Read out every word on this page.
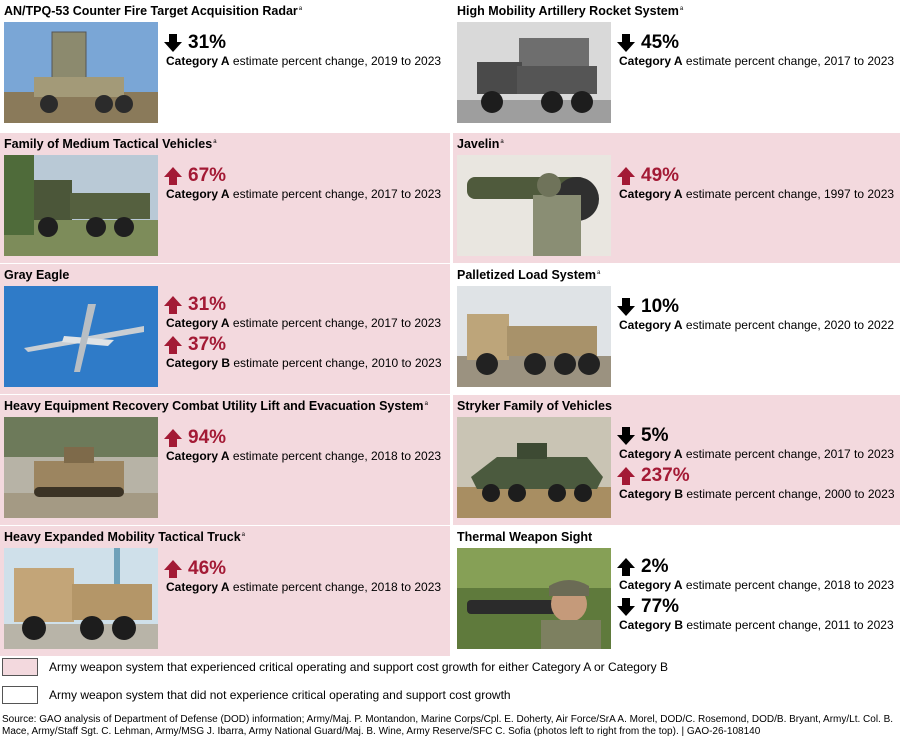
AN/TPQ-53 Counter Fire Target Acquisition Radar$^a$
31%
Category A estimate percent change, 2019 to 2023
High Mobility Artillery Rocket System$^a$
45%
Category A estimate percent change, 2017 to 2023
Family of Medium Tactical Vehicles$^a$
67%
Category A estimate percent change, 2017 to 2023
Javelin$^a$
49%
Category A estimate percent change, 1997 to 2023
Gray Eagle
31%
Category A estimate percent change, 2017 to 2023
37%
Category B estimate percent change, 2010 to 2023
Palletized Load System$^a$
10%
Category A estimate percent change, 2020 to 2022
Heavy Equipment Recovery Combat Utility Lift and Evacuation System$^a$
94%
Category A estimate percent change, 2018 to 2023
Stryker Family of Vehicles
5%
Category A estimate percent change, 2017 to 2023
237%
Category B estimate percent change, 2000 to 2023
Heavy Expanded Mobility Tactical Truck$^a$
46%
Category A estimate percent change, 2018 to 2023
Thermal Weapon Sight
2%
Category A estimate percent change, 2018 to 2023
77%
Category B estimate percent change, 2011 to 2023
Army weapon system that experienced critical operating and support cost growth for either Category A or Category B
Army weapon system that did not experience critical operating and support cost growth
Source: GAO analysis of Department of Defense (DOD) information; Army/Maj. P. Montandon, Marine Corps/Cpl. E. Doherty, Air Force/SrA A. Morel, DOD/C. Rosemond, DOD/B. Bryant, Army/Lt. Col. B. Mace, Army/Staff Sgt. C. Lehman, Army/MSG J. Ibarra, Army National Guard/Maj. B. Wine, Army Reserve/SFC C. Sofia (photos left to right from the top). | GAO-26-108140
